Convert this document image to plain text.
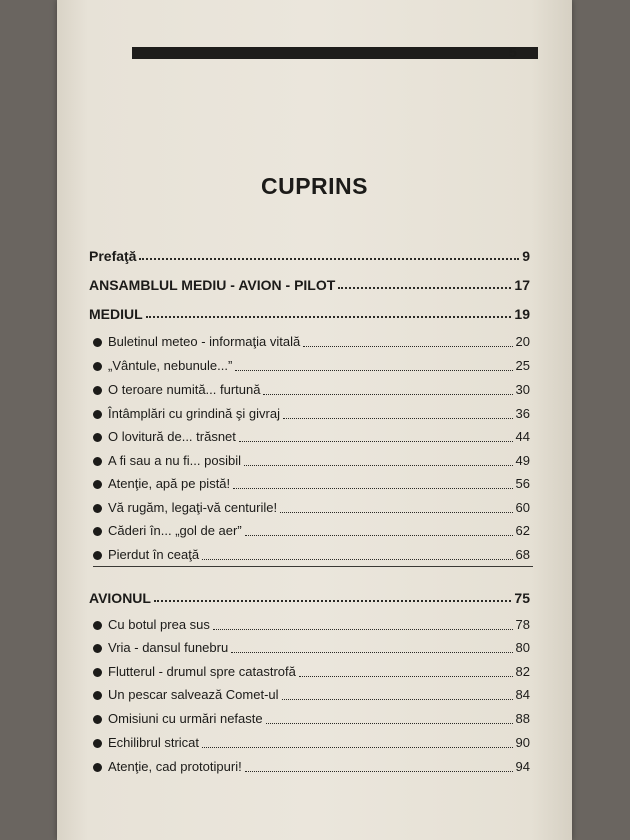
5
CUPRINS
Prefaţă	9
ANSAMBLUL MEDIU - AVION - PILOT	17
MEDIUL	19
Buletinul meteo - informaţia vitală	20
„Vântule, nebunule...”	25
O teroare numită... furtună	30
Întâmplări cu grindină şi givraj	36
O lovitură de... trăsnet	44
A fi sau a nu fi... posibil	49
Atenţie, apă pe pistă!	56
Vă rugăm, legaţi-vă centurile!	60
Căderi în... „gol de aer”	62
Pierdut în ceaţă	68
AVIONUL	75
Cu botul prea sus	78
Vria - dansul funebru	80
Flutterul - drumul spre catastrofă	82
Un pescar salvează Comet-ul	84
Omisiuni cu urmări nefaste	88
Echilibrul stricat	90
Atenţie, cad prototipuri!	94
